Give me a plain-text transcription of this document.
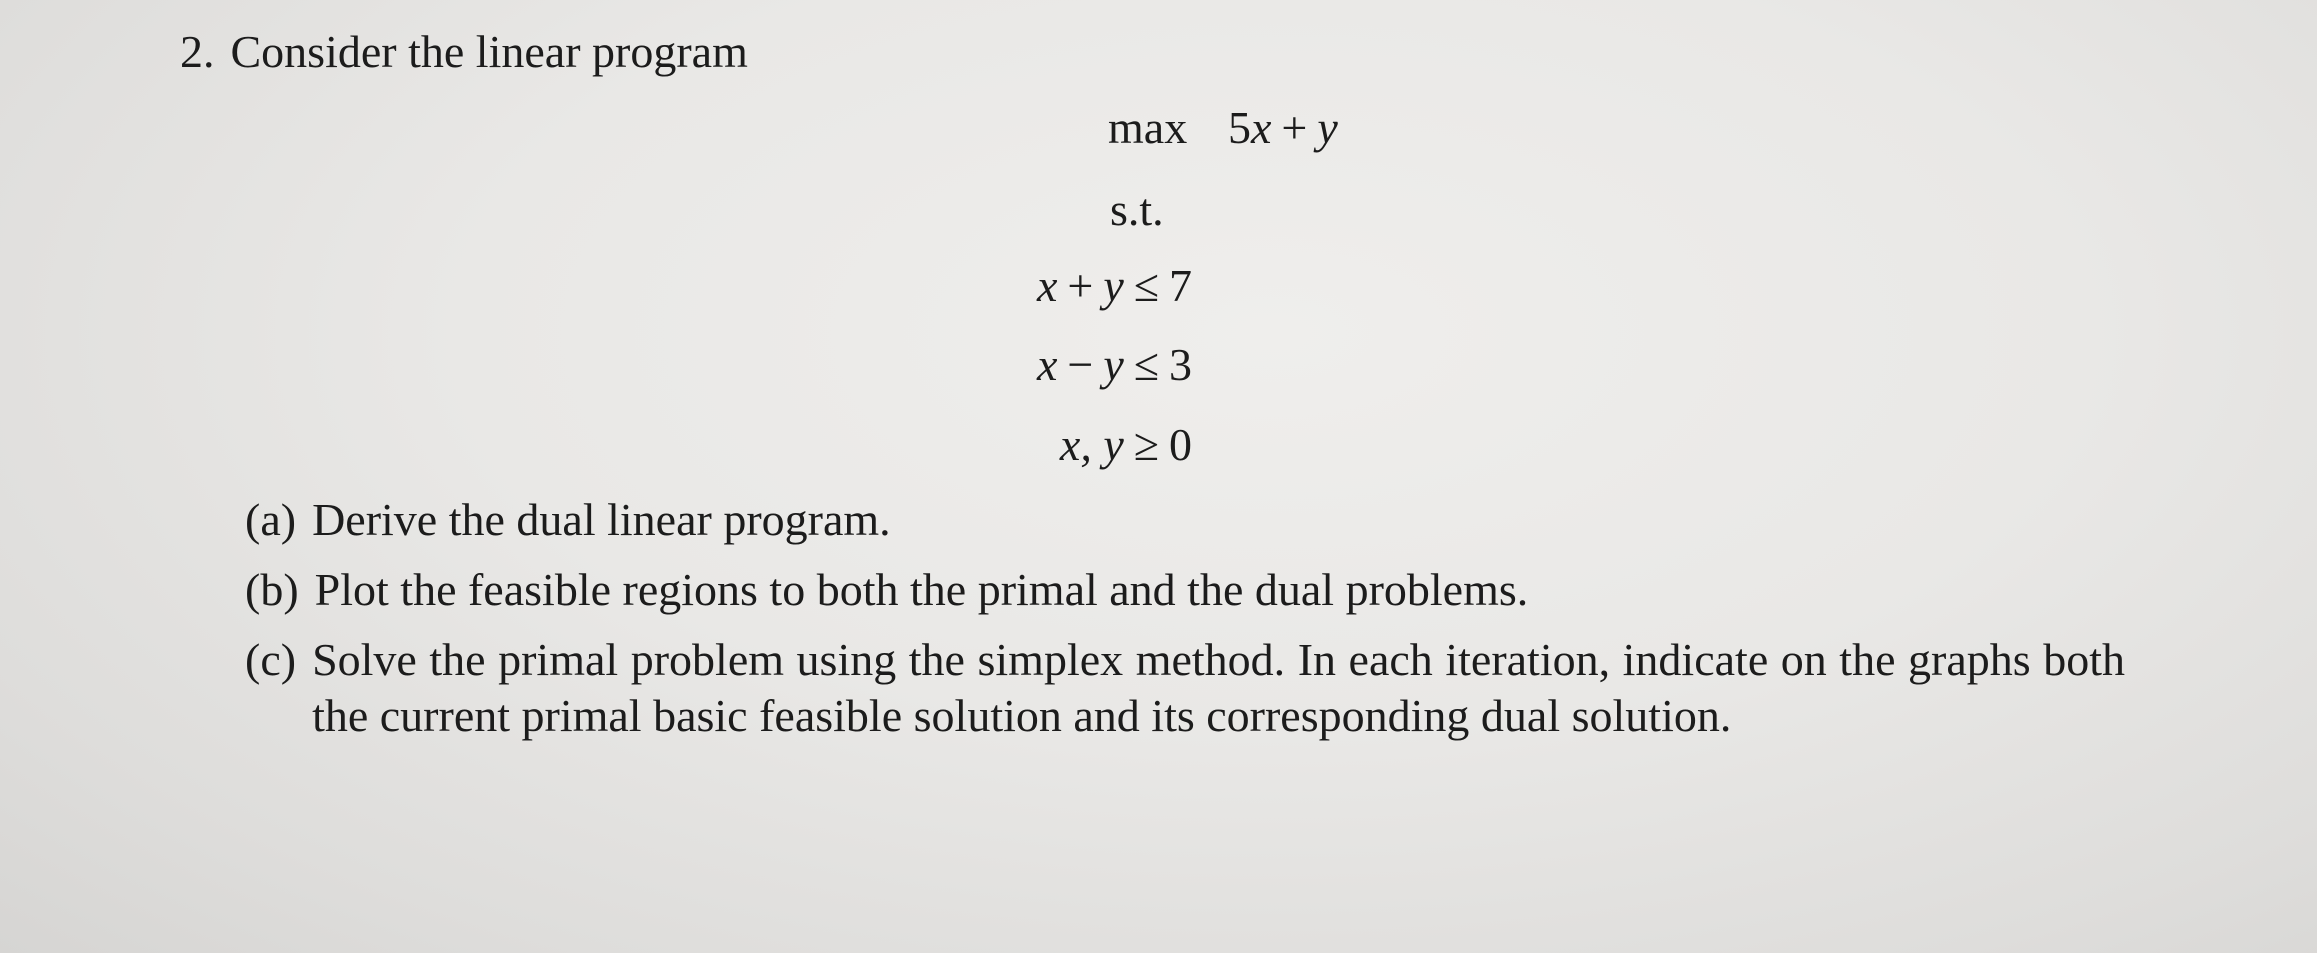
2. Consider the linear program
max 5x + y
s.t.
x + y ≤ 7
x − y ≤ 3
x, y ≥ 0
(a) Derive the dual linear program.
(b) Plot the feasible regions to both the primal and the dual problems.
(c) Solve the primal problem using the simplex method. In each iteration, indicate on the graphs both the current primal basic feasible solution and its corresponding dual solution.
